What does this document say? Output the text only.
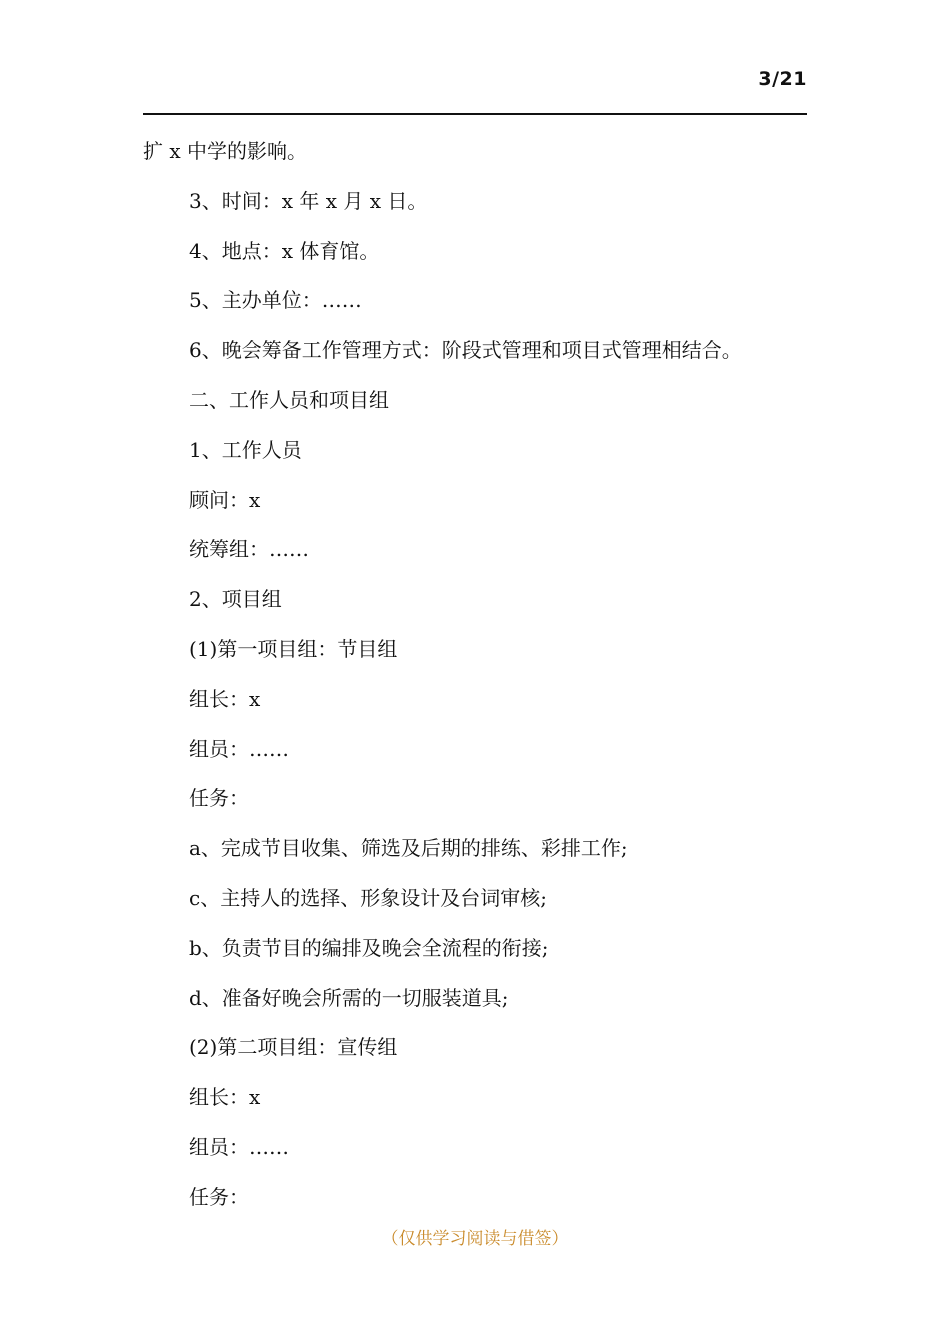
3/21
扩 x 中学的影响。
3、时间：x 年 x 月 x 日。
4、地点：x 体育馆。
5、主办单位：……
6、晚会筹备工作管理方式：阶段式管理和项目式管理相结合。
二、工作人员和项目组
1、工作人员
顾问：x
统筹组：……
2、项目组
(1)第一项目组：节目组
组长：x
组员：……
任务：
a、完成节目收集、筛选及后期的排练、彩排工作;
c、主持人的选择、形象设计及台词审核;
b、负责节目的编排及晚会全流程的衔接;
d、准备好晚会所需的一切服装道具;
(2)第二项目组：宣传组
组长：x
组员：……
任务：
（仅供学习阅读与借签）
